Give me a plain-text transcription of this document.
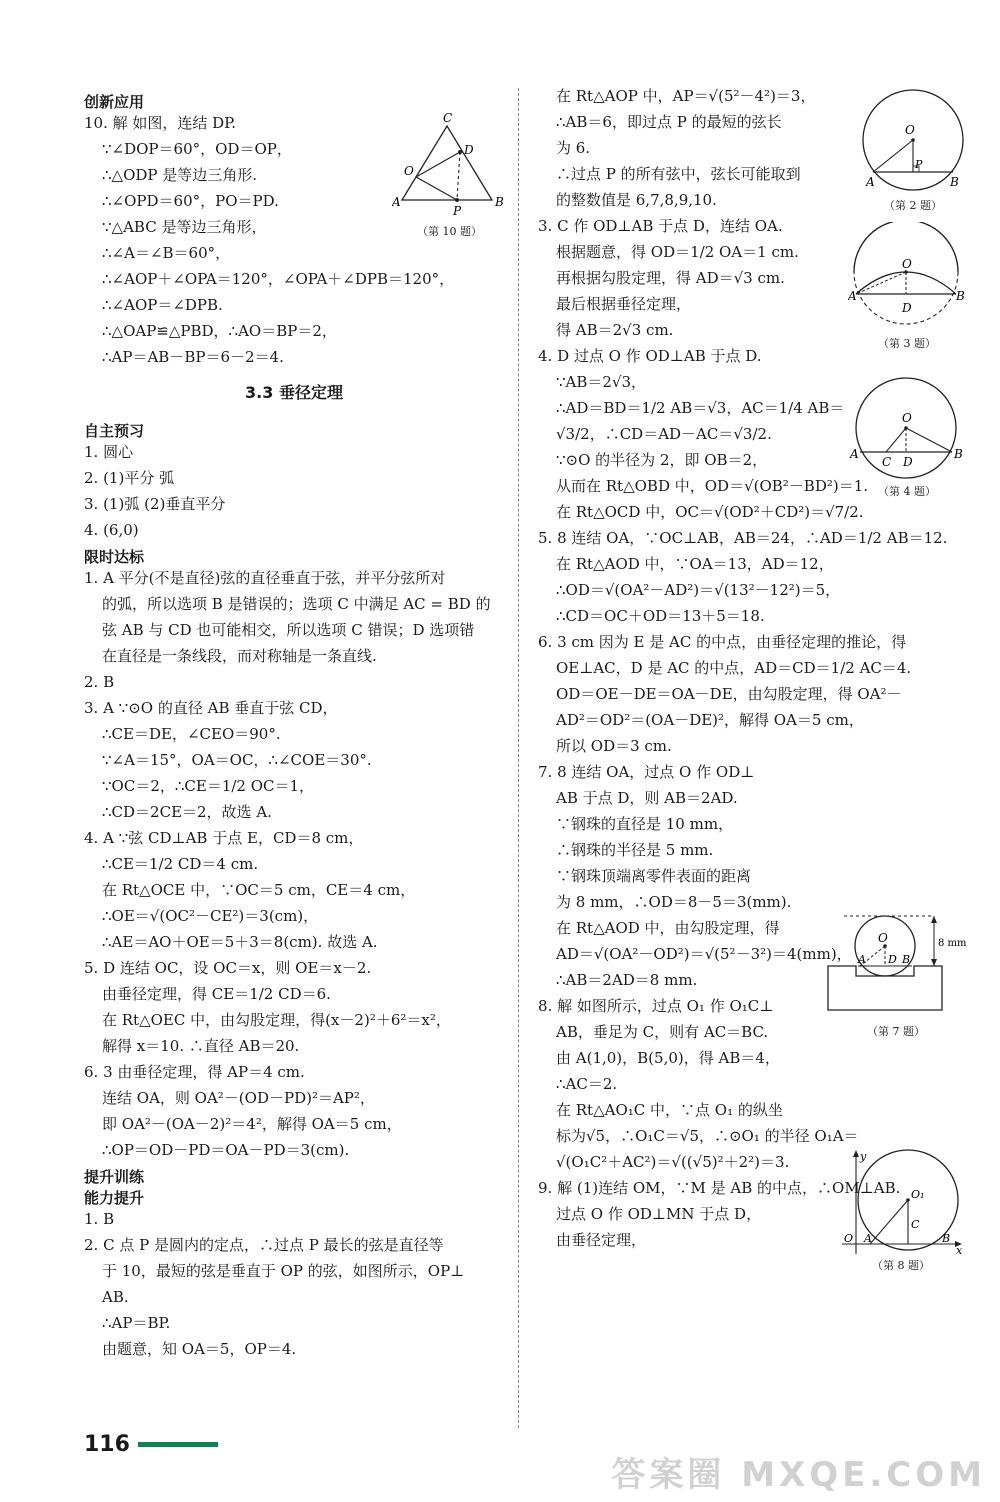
创新应用

10. 解 如图，连结 DP.

∵∠DOP＝60°，OD＝OP，

∴△ODP 是等边三角形.

∴∠OPD＝60°，PO＝PD.

∵△ABC 是等边三角形，

∴∠A＝∠B＝60°，

∴∠AOP＋∠OPA＝120°，∠OPA＋∠DPB＝120°，

∴∠AOP＝∠DPB.

∴△OAP≌△PBD，∴AO＝BP＝2，

∴AP＝AB－BP＝6－2＝4.

3.3 垂径定理

自主预习

1. 圆心

2. (1)平分 弧

3. (1)弧 (2)垂直平分

4. (6,0)

限时达标

1. A 平分(不是直径)弦的直径垂直于弦，并平分弦所对

的弧，所以选项 B 是错误的；选项 C 中满足 AC = BD 的

弦 AB 与 CD 也可能相交，所以选项 C 错误；D 选项错

在直径是一条线段，而对称轴是一条直线.

2. B

3. A ∵⊙O 的直径 AB 垂直于弦 CD，

∴CE＝DE，∠CEO＝90°.

∵∠A＝15°，OA＝OC，∴∠COE＝30°.

∵OC＝2，∴CE＝1/2 OC＝1，

∴CD＝2CE＝2，故选 A.

4. A ∵弦 CD⊥AB 于点 E，CD＝8 cm，

∴CE＝1/2 CD＝4 cm.

在 Rt△OCE 中，∵OC＝5 cm，CE＝4 cm，

∴OE＝√(OC²－CE²)＝3(cm)，

∴AE＝AO＋OE＝5＋3＝8(cm). 故选 A.

5. D 连结 OC，设 OC＝x，则 OE＝x－2.

由垂径定理，得 CE＝1/2 CD＝6.

在 Rt△OEC 中，由勾股定理，得(x－2)²＋6²＝x²，

解得 x＝10. ∴直径 AB＝20.

6. 3 由垂径定理，得 AP＝4 cm.

连结 OA，则 OA²－(OD－PD)²＝AP²，

即 OA²－(OA－2)²＝4²，解得 OA＝5 cm，

∴OP＝OD－PD＝OA－PD＝3(cm).

提升训练

能力提升

1. B

2. C 点 P 是圆内的定点，∴过点 P 最长的弦是直径等

于 10，最短的弦是垂直于 OP 的弦，如图所示，OP⊥

AB.

∴AP＝BP.

由题意，知 OA＝5，OP＝4.

在 Rt△AOP 中，AP＝√(5²－4²)＝3，

∴AB＝6，即过点 P 的最短的弦长

为 6.

∴过点 P 的所有弦中，弦长可能取到

的整数值是 6,7,8,9,10.

3. C 作 OD⊥AB 于点 D，连结 OA.

根据题意，得 OD＝1/2 OA＝1 cm.

再根据勾股定理，得 AD＝√3 cm.

最后根据垂径定理，

得 AB＝2√3 cm.

4. D 过点 O 作 OD⊥AB 于点 D.

∵AB＝2√3，

∴AD＝BD＝1/2 AB＝√3，AC＝1/4 AB＝

√3/2，∴CD＝AD－AC＝√3/2.

∵⊙O 的半径为 2，即 OB＝2，

从而在 Rt△OBD 中，OD＝√(OB²－BD²)＝1.

在 Rt△OCD 中，OC＝√(OD²＋CD²)＝√7/2.

5. 8 连结 OA，∵OC⊥AB，AB＝24，∴AD＝1/2 AB＝12.

在 Rt△AOD 中，∵OA＝13，AD＝12，

∴OD＝√(OA²－AD²)＝√(13²－12²)＝5，

∴CD＝OC＋OD＝13＋5＝18.

6. 3 cm 因为 E 是 AC 的中点，由垂径定理的推论，得

OE⊥AC，D 是 AC 的中点，AD＝CD＝1/2 AC＝4.

OD＝OE－DE＝OA－DE，由勾股定理，得 OA²－

AD²＝OD²＝(OA－DE)²，解得 OA＝5 cm，

所以 OD＝3 cm.

7. 8 连结 OA，过点 O 作 OD⊥

AB 于点 D，则 AB＝2AD.

∵钢珠的直径是 10 mm，

∴钢珠的半径是 5 mm.

∵钢珠顶端离零件表面的距离

为 8 mm，∴OD＝8－5＝3(mm).

在 Rt△AOD 中，由勾股定理，得

AD＝√(OA²－OD²)＝√(5²－3²)＝4(mm)，

∴AB＝2AD＝8 mm.

8. 解 如图所示，过点 O₁ 作 O₁C⊥

AB，垂足为 C，则有 AC＝BC.

由 A(1,0)，B(5,0)，得 AB＝4，

∴AC＝2.

在 Rt△AO₁C 中，∵点 O₁ 的纵坐

标为√5，∴O₁C＝√5，∴⊙O₁ 的半径 O₁A＝

√(O₁C²＋AC²)＝√((√5)²＋2²)＝3.

9. 解 (1)连结 OM，∵M 是 AB 的中点，∴OM⊥AB.

过点 O 作 OD⊥MN 于点 D，

由垂径定理，

C
D
O
A
P
B
（第 10 题）
O
A
P
B
（第 2 题）
O
A
D
B
（第 3 题）
O
A
C D
B
（第 4 题）
O
A D B
8 mm
（第 7 题）
y
O₁
C
O A	B
x
（第 8 题）
116
答案圈 MXQE.COM
